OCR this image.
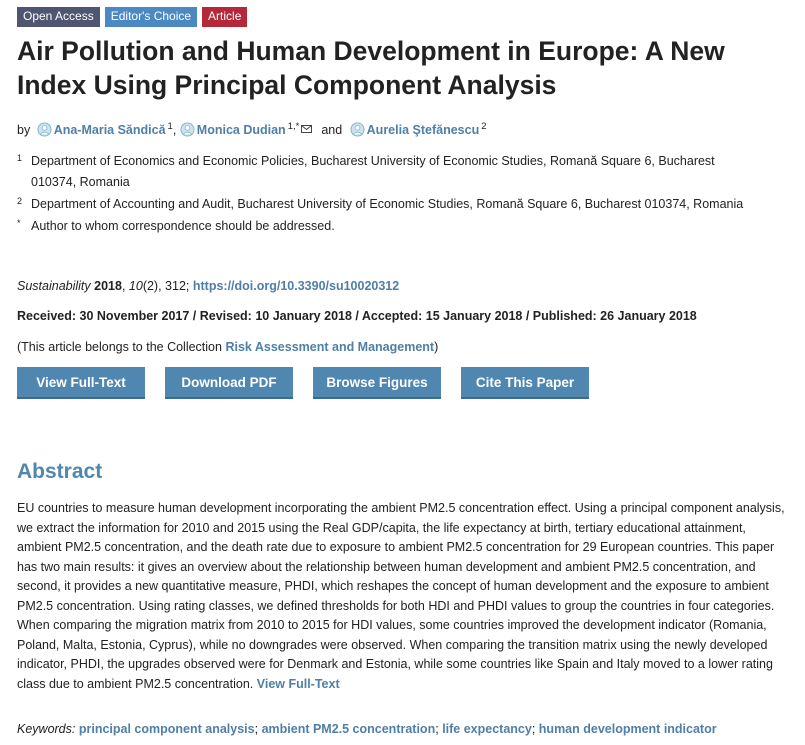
Open Access	Editor's Choice	Article
Air Pollution and Human Development in Europe: A New Index Using Principal Component Analysis
by Ana-Maria Săndică $^1$, Monica Dudian $^{1,*}$ and Aurelia Ştefănescu $^2$
1 Department of Economics and Economic Policies, Bucharest University of Economic Studies, Romană Square 6, Bucharest 010374, Romania
2 Department of Accounting and Audit, Bucharest University of Economic Studies, Romană Square 6, Bucharest 010374, Romania
* Author to whom correspondence should be addressed.
Sustainability 2018, 10(2), 312; https://doi.org/10.3390/su10020312
Received: 30 November 2017 / Revised: 10 January 2018 / Accepted: 15 January 2018 / Published: 26 January 2018
(This article belongs to the Collection Risk Assessment and Management)
View Full-Text	Download PDF	Browse Figures	Cite This Paper
Abstract
EU countries to measure human development incorporating the ambient PM2.5 concentration effect. Using a principal component analysis, we extract the information for 2010 and 2015 using the Real GDP/capita, the life expectancy at birth, tertiary educational attainment, ambient PM2.5 concentration, and the death rate due to exposure to ambient PM2.5 concentration for 29 European countries. This paper has two main results: it gives an overview about the relationship between human development and ambient PM2.5 concentration, and second, it provides a new quantitative measure, PHDI, which reshapes the concept of human development and the exposure to ambient PM2.5 concentration. Using rating classes, we defined thresholds for both HDI and PHDI values to group the countries in four categories. When comparing the migration matrix from 2010 to 2015 for HDI values, some countries improved the development indicator (Romania, Poland, Malta, Estonia, Cyprus), while no downgrades were observed. When comparing the transition matrix using the newly developed indicator, PHDI, the upgrades observed were for Denmark and Estonia, while some countries like Spain and Italy moved to a lower rating class due to ambient PM2.5 concentration. View Full-Text
Keywords: principal component analysis; ambient PM2.5 concentration; life expectancy; human development indicator
